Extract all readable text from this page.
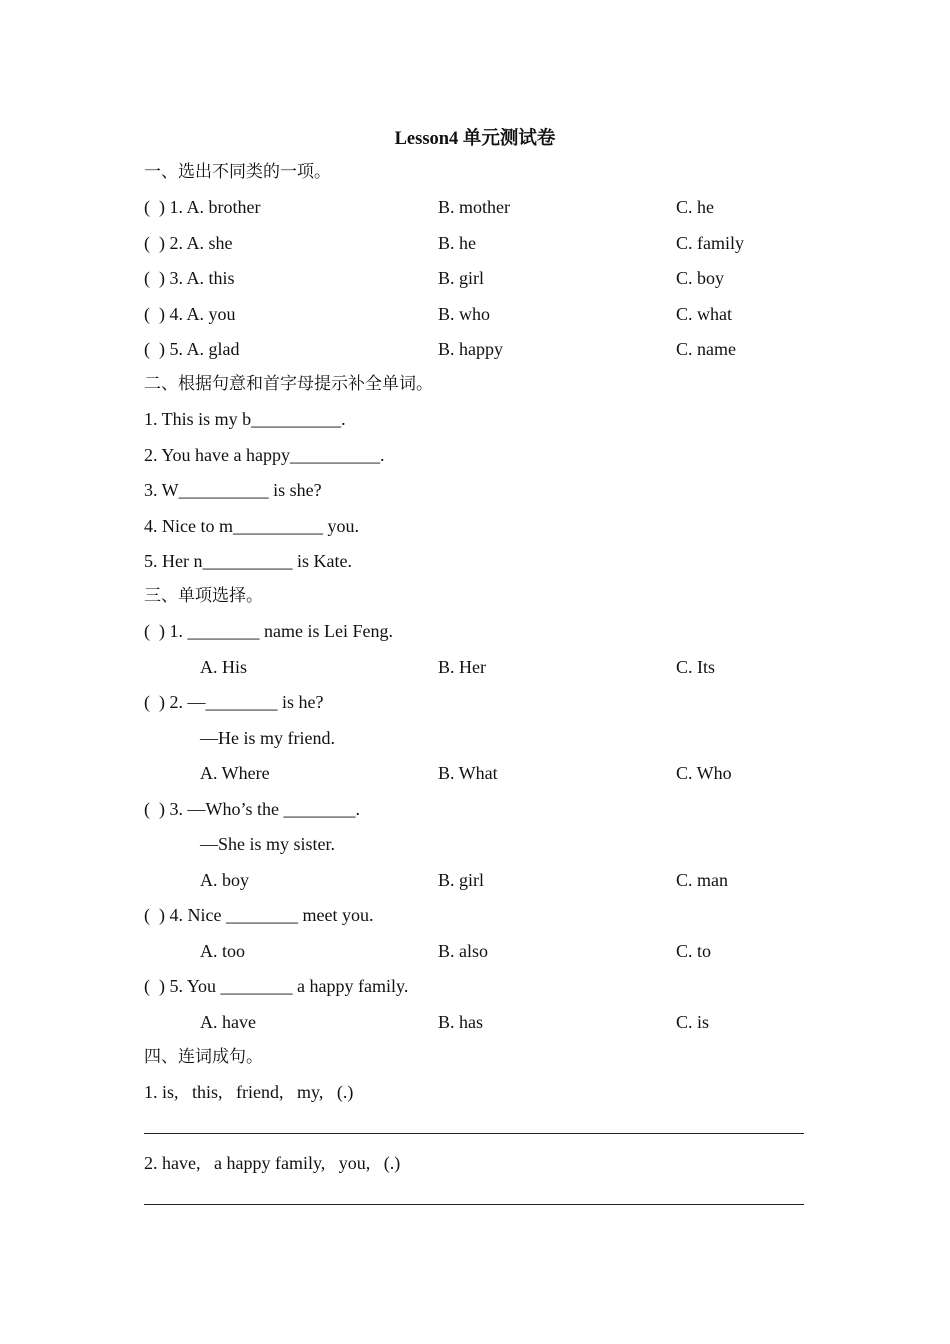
Lesson4 单元测试卷
一、选出不同类的一项。
(  ) 1. A. brother	B. mother	C. he
(  ) 2. A. she	B. he	C. family
(  ) 3. A. this	B. girl	C. boy
(  ) 4. A. you	B. who	C. what
(  ) 5. A. glad	B. happy	C. name
二、根据句意和首字母提示补全单词。
1. This is my b__________.
2. You have a happy__________.
3. W__________ is she?
4. Nice to m__________ you.
5. Her n__________ is Kate.
三、单项选择。
(  ) 1. ________ name is Lei Feng.
A. His	B. Her	C. Its
(  ) 2. —________ is he?
—He is my friend.
A. Where	B. What	C. Who
(  ) 3. —Who’s the ________.
—She is my sister.
A. boy	B. girl	C. man
(  ) 4. Nice ________ meet you.
A. too	B. also	C. to
(  ) 5. You ________ a happy family.
A. have	B. has	C. is
四、连词成句。
1. is,   this,   friend,   my,   (.)
2. have,   a happy family,   you,   (.)
